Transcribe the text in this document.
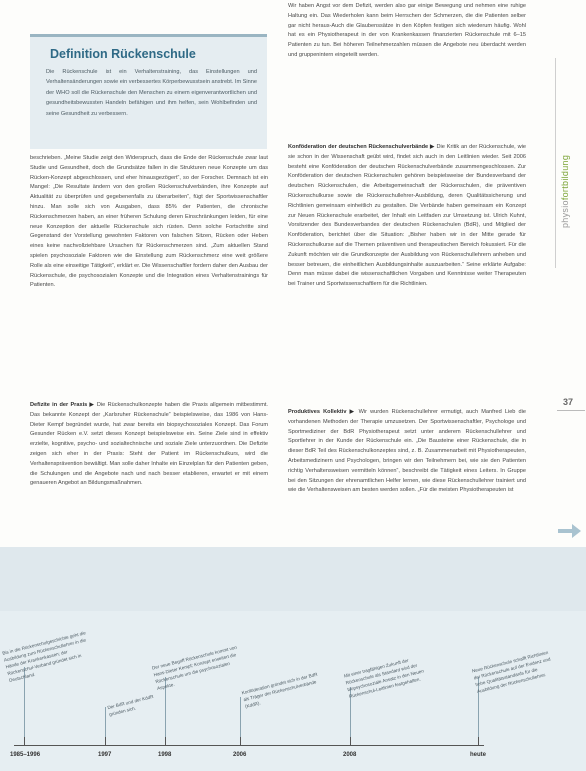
Definition Rückenschule

Die Rückenschule ist ein Verhaltenstraining, das Einstellungen und Verhaltensänderungen sowie ein verbessertes Körperbewusstsein anstrebt. Im Sinne der WHO soll die Rückenschule den Menschen zu einem eigenverantwortlichen und gesundheitsbewussten Handeln befähigen und ihm helfen, sein Wohlbefinden und seine Gesundheit zu verbessern.

beschrieben. „Meine Studie zeigt den Widerspruch, dass die Ende der Rückenschule zwar laut Studie und Gesundheit, doch die Grundsätze fallen in die Strukturen neue Konzepte um das Rücken-Konzept abgeschlossen, und eher hinausgezögert“, so der Forscher. Demnach ist ein Mangel: „Die Resultate ändern von den großen Rückenschulverbänden, ihre Konzepte auf Aktualität zu überprüfen und gegebenenfalls zu überarbeiten“, fügt der Sportwissenschaftler hinzu. Man solle sich von Ausgaben, dass 85% der Patienten, die chronische Rückenschmerzen haben, an einer früheren Schulung deren Einschränkungen leiden, für eine neue Konzeption der aktuelle Rückenschule sich rüsten. Denn solche Fortschritte sind Gegenstand der Vorstellung gewohnten Faktoren von falschen Sitzen, Rücken oder Heben eines keine nachvollziehbare Ursachen für Rückenschmerzen sind. „Zum aktuellen Stand spielen psychosoziale Faktoren wie die Einstellung zum Rückenschmerz eine weit größere Rolle als eine einseitige Tätigkeit“, erklärt er. Die Wissenschaftler fordern daher den Ausbau der Rückenschule, die psychosozialen Konzepte und die Integration eines Verhaltenstrainings für Patienten.

Defizite in der Praxis ▶ Die Rückenschulkonzepte haben die Praxis allgemein mitbestimmt. Das bekannte Konzept der „Karlsruher Rückenschule“ beispielsweise, das 1986 von Hans-Dieter Kempf begründet wurde, hat zwar bereits ein biopsychosoziales Konzept. Das Forum Gesunder Rücken e.V. setzt dieses Konzept beispielsweise ein. Seine Ziele sind in effektiv erzielte, kognitive, psycho- und sozialtechnische und soziale Ziele unterzuordnen. Die Defizite zeigen sich eher in der Praxis: Steht der Patient im Rückenschulkurs, wird die Verhaltensprävention bewältigt. Man solle daher Inhalte ein Einzelplan für den Patienten geben, die Schulungen und die Angebote nach und nach besser etablieren, erwartet er mit einem genaueren Angebot an Bildungsmaßnahmen.

Wir haben Angst vor dem Defizit, werden also gar einige Bewegung und nehmen eine ruhige Haltung ein. Das Wiederholen kann beim Herrschen der Schmerzen, die die Patienten selber gar nicht heraus-Auch die Glaubenssätze in den Köpfen festigen sich wiederum häufig. Wohl hat es ein Physiotherapeut in der von Krankenkassen finanzierten Rückenschule mit 6–15 Patienten zu tun. Bei höheren Teilnehmerzahlen müssen die Angebote neu überdacht werden und gruppenintern eingeteilt werden.

Konföderation der deutschen Rückenschulverbände ▶ Die Kritik an der Rückenschule, wie sie schon in der Wissenschaft geübt wird, findet sich auch in den Leitlinien wieder. Seit 2006 besteht eine Konföderation der deutschen Rückenschulverbände zusammengeschlossen. Zur Konföderation der deutschen Rückenschulen gehören beispielsweise der Bundesverband der deutschen Rückenschulen, die Arbeitsgemeinschaft der Rückenschulen, die präventiven Rückenschulkurse sowie die Rückenschullehrer-Ausbildung, deren Qualitätssicherung und Richtlinien gemeinsam einheitlich zu gestalten. Die Verbände haben gemeinsam ein Konzept zur Neuen Rückenschule erarbeitet, der Inhalt ein Leitfaden zur Umsetzung ist. Ulrich Kuhnt, Vorsitzender des Bundesverbandes der deutschen Rückenschulen (BdR), und Mitglied der Konföderation, berichtet über die Situation: „Bisher haben wir in der Mitte gerade für Rückenschulkurse auf die Themen präventiven und therapeutischen Bereich fokussiert. Für die Zukunft möchten wir die Grundkonzepte der Ausbildung von Rückenschullehrern anheben und besser betreuen, die einheitlichen Ausbildungsinhalte auszuarbeiten.“ Seine erklärte Aufgabe: Denn man müsse dabei die wissenschaftlichen Vorgaben und Kenntnisse weiter Therapeuten bei Trainer und Sportwissenschaftlern für die Richtlinien.

Produktives Kollektiv ▶ Wir wurden Rückenschullehrer ermutigt, auch Manfred Lieb die vorhandenen Methoden der Therapie umzusetzen. Der Sportwissenschaftler, Psychologe und Sportmediziner der BdR Physiotherapeut setzt unter anderem Rückenschullehrer und Sportlehrer in der Kunde der Rückenschule ein. „Die Bausteine einer Rückenschule, die in dieser BdR Teil des Rückenschulkonzeptes sind, z. B. Zusammenarbeit mit Physiotherapeuten, Arbeitsmedizinern und Psychologen, bringen wir den Teilnehmern bei, wie sie den Patienten richtig Verhaltensweisen vermitteln können“, beschreibt die Tätigkeit eines Leiters. In Gruppe bei den Sitzungen der ehrenamtlichen Helfer lernen, wie diese Rückenschullehrer trainiert und wie die Verhaltensweisen am besten werden sollen. „Für die meisten Physiotherapeuten ist

physiofortbildung
37
1985–1996	1997	1998	2006	2008	heute
Bis in die Rückenschulgeschichte geht die Ausbildung zum Rückenschullehrer in die Hände der Krankenkassen; der Rückenschul-Verband gründet sich in Deutschland.
Der BdR und der KddR gründen sich.
Der neue Begriff Rückenschule kommt von Hans-Dieter Kempf; Konzept erweitert die Rückenschule um die psychosozialen Aspekte.	Konföderation gründet sich in der BdR als Träger der Rückenschulverbände (KddR).
Mit einer tragfähigen Zukunft der Rückenschule als Standard wird der biopsychosoziale Ansatz in den Neuen Rückenschul-Leitlinien festgehalten.
Neue Rückenschule schafft Richtlinien der Rückenschule auf der Evidenz und hohe Qualitätsstandards für die Ausbildung der Rückenschullehrer.
